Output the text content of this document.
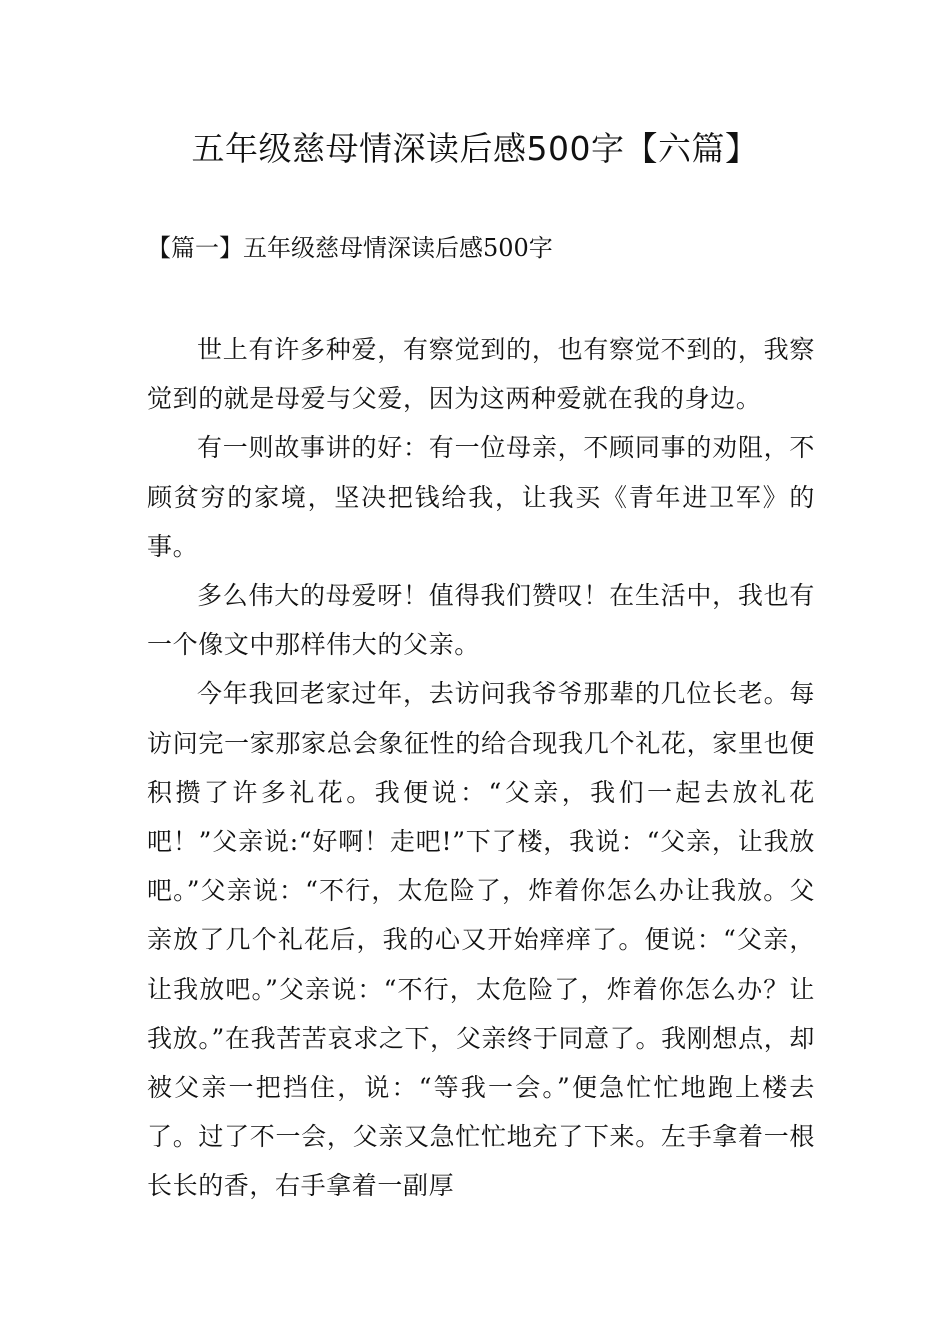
五年级慈母情深读后感500字【六篇】
【篇一】五年级慈母情深读后感500字

世上有许多种爱，有察觉到的，也有察觉不到的，我察觉到的就是母爱与父爱，因为这两种爱就在我的身边。

有一则故事讲的好：有一位母亲，不顾同事的劝阻，不顾贫穷的家境，坚决把钱给我，让我买《青年进卫军》的事。

多么伟大的母爱呀！值得我们赞叹！在生活中，我也有一个像文中那样伟大的父亲。

今年我回老家过年，去访问我爷爷那辈的几位长老。每访问完一家那家总会象征性的给合现我几个礼花，家里也便积攒了许多礼花。我便说：“父亲，我们一起去放礼花吧！”父亲说:“好啊！走吧!”下了楼，我说：“父亲，让我放吧。”父亲说：“不行，太危险了，炸着你怎么办让我放。父亲放了几个礼花后，我的心又开始痒痒了。便说：“父亲，让我放吧。”父亲说：“不行，太危险了，炸着你怎么办？让我放。”在我苦苦哀求之下，父亲终于同意了。我刚想点，却被父亲一把挡住，说：“等我一会。”便急忙忙地跑上楼去了。过了不一会，父亲又急忙忙地充了下来。左手拿着一根长长的香，右手拿着一副厚
